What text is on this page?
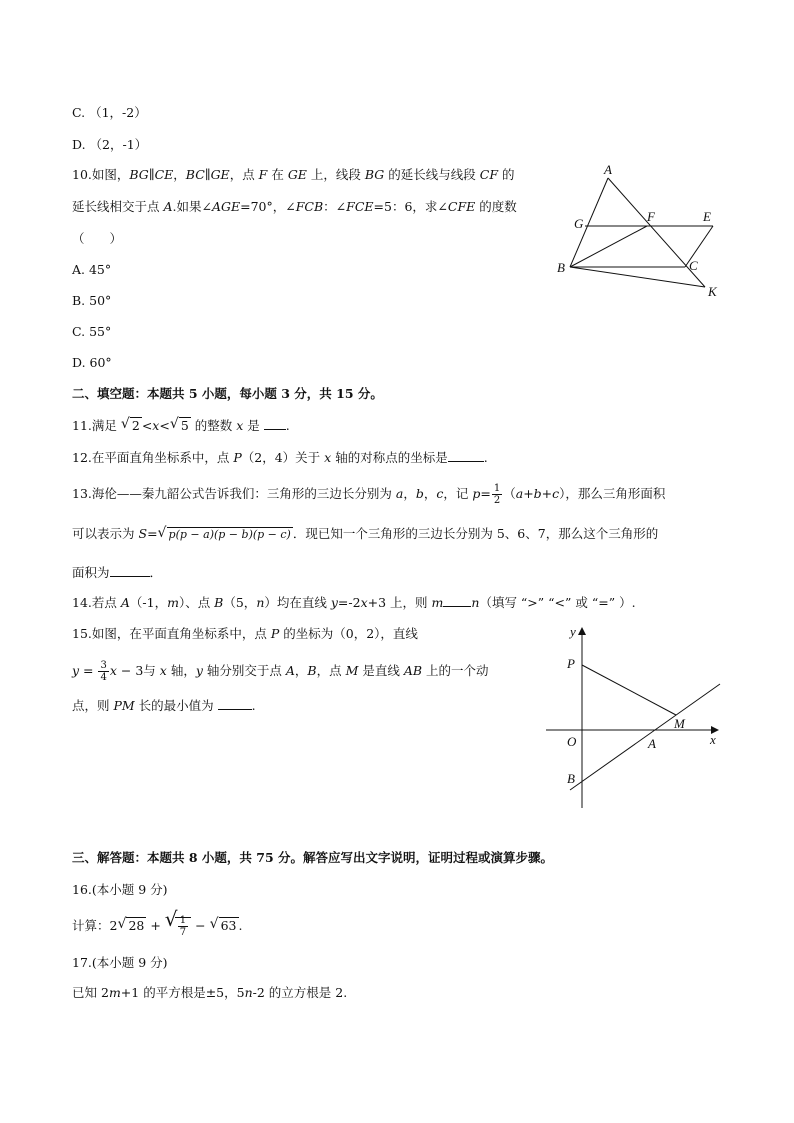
C. （1，-2）
D. （2，-1）
10.如图，BG∥CE，BC∥GE，点 F 在 GE 上，线段 BG 的延长线与线段 CF 的
延长线相交于点 A.如果∠AGE=70°，∠FCB：∠FCE=5：6，求∠CFE 的度数
（　　）
A. 45°
B. 50°
C. 55°
D. 60°
A
G	F	E
B	C
K
二、填空题：本题共 5 小题，每小题 3 分，共 15 分。
11.满足 √ 2 <x< √ 5 的整数 x 是 .
12.在平面直角坐标系中，点 P（2，4）关于 x 轴的对称点的坐标是	.
13.海伦——秦九韶公式告诉我们：三角形的三边长分别为 a，b，c，记 $p= \frac{1}{2} (a+b+c)$，那么三角形面积
可以表示为 S= √ p(p − a)(p − b)(p − c) ．现已知一个三角形的三边长分别为 5、6、7，那么这个三角形的
面积为	．
14.若点 A（-1，m）、点 B（5，n）均在直线 y=-2x+3 上，则 m n（填写 “>” “<” 或 “=” ）.
15.如图，在平面直角坐标系中，点 P 的坐标为（0，2），直线
$y = \frac{3}{4}$ x − 3与 x 轴，y 轴分别交于点 A，B，点 M 是直线 AB 上的一个动
点，则 PM 长的最小值为	.
y
P
M
O	A	x
B
三、解答题：本题共 8 小题，共 75 分。解答应写出文字说明，证明过程或演算步骤。
16.(本小题 9 分)
计算：2 √ 28 + √ $\frac{1}{7}$ − √ 63 .
17.(本小题 9 分)
已知 2m+1 的平方根是±5，5n-2 的立方根是 2.
